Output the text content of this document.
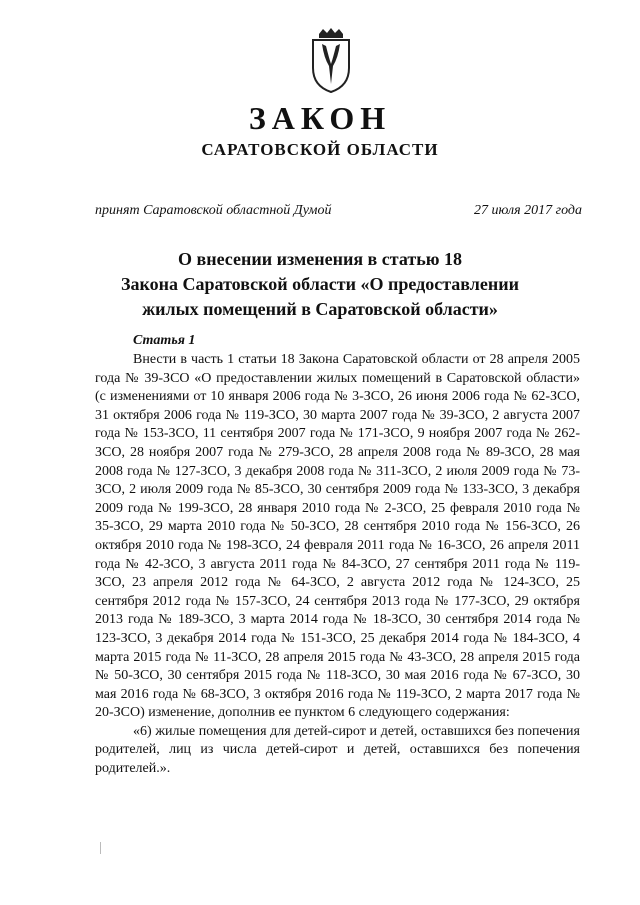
ЗАКОН
САРАТОВСКОЙ ОБЛАСТИ
принят Саратовской областной Думой	27 июля 2017 года
О внесении изменения в статью 18
Закона Саратовской области «О предоставлении
жилых помещений в Саратовской области»
Статья 1

Внести в часть 1 статьи 18 Закона Саратовской области от 28 апреля 2005 года № 39-ЗСО «О предоставлении жилых помещений в Саратовской области» (с изменениями от 10 января 2006 года № 3-ЗСО, 26 июня 2006 года № 62-ЗСО, 31 октября 2006 года № 119-ЗСО, 30 марта 2007 года № 39-ЗСО, 2 августа 2007 года № 153-ЗСО, 11 сентября 2007 года № 171-ЗСО, 9 ноября 2007 года № 262-ЗСО, 28 ноября 2007 года № 279-ЗСО, 28 апреля 2008 года № 89-ЗСО, 28 мая 2008 года № 127-ЗСО, 3 декабря 2008 года № 311-ЗСО, 2 июля 2009 года № 73-ЗСО, 2 июля 2009 года № 85-ЗСО, 30 сентября 2009 года № 133-ЗСО, 3 декабря 2009 года № 199-ЗСО, 28 января 2010 года № 2-ЗСО, 25 февраля 2010 года № 35-ЗСО, 29 марта 2010 года № 50-ЗСО, 28 сентября 2010 года № 156-ЗСО, 26 октября 2010 года № 198-ЗСО, 24 февраля 2011 года № 16-ЗСО, 26 апреля 2011 года № 42-ЗСО, 3 августа 2011 года № 84-ЗСО, 27 сентября 2011 года № 119-ЗСО, 23 апреля 2012 года № 64-ЗСО, 2 августа 2012 года № 124-ЗСО, 25 сентября 2012 года № 157-ЗСО, 24 сентября 2013 года № 177-ЗСО, 29 октября 2013 года № 189-ЗСО, 3 марта 2014 года № 18-ЗСО, 30 сентября 2014 года № 123-ЗСО, 3 декабря 2014 года № 151-ЗСО, 25 декабря 2014 года № 184-ЗСО, 4 марта 2015 года № 11-ЗСО, 28 апреля 2015 года № 43-ЗСО, 28 апреля 2015 года № 50-ЗСО, 30 сентября 2015 года № 118-ЗСО, 30 мая 2016 года № 67-ЗСО, 30 мая 2016 года № 68-ЗСО, 3 октября 2016 года № 119-ЗСО, 2 марта 2017 года № 20-ЗСО) изменение, дополнив ее пунктом 6 следующего содержания:

«6) жилые помещения для детей-сирот и детей, оставшихся без попечения родителей, лиц из числа детей-сирот и детей, оставшихся без попечения родителей.».
